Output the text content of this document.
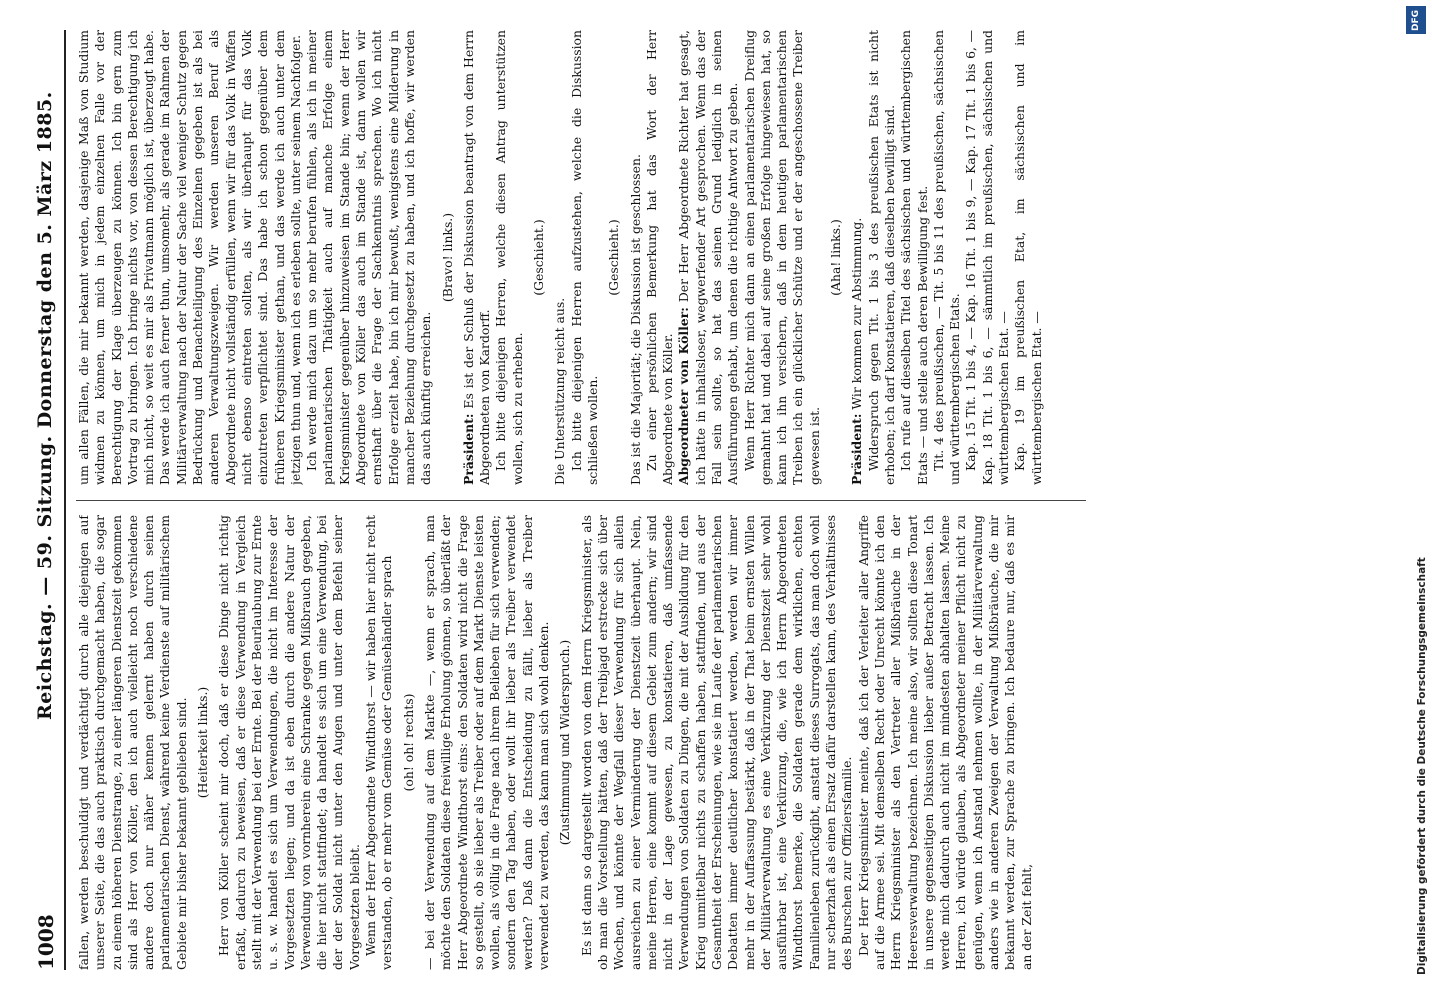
1008
Reichstag. — 59. Sitzung. Donnerstag den 5. März 1885.

fallen, werden beschuldigt und verdächtigt durch alle diejenigen auf unserer Seite, die das auch praktisch durchgemacht haben, die sogar zu einem höheren Dienstrange, zu einer längeren Dienstzeit gekommen sind als Herr von Köller, den ich auch vielleicht noch verschiedene andere doch nur näher kennen gelernt haben durch seinen parlamentarischen Dienst, während keine Verdienste auf militärischem Gebiete mir bisher bekannt geblieben sind. (Heiterkeit links.) Herr von Köller scheint mir doch, daß er diese Dinge nicht richtig erfaßt, dadurch zu beweisen, daß er diese Verwendung in Vergleich stellt mit der Verwendung bei der Ernte. Bei der Beurlaubung zur Ernte u. s. w. handelt es sich um Verwendungen, die nicht im Interesse der Vorgesetzten liegen; und da ist eben durch die andere Natur der Verwendung von vornherein eine Schranke gegen Mißbrauch gegeben, die hier nicht stattfindet; da handelt es sich um eine Verwendung, bei der der Soldat nicht unter den Augen und unter dem Befehl seiner Vorgesetzten bleibt. Wenn der Herr Abgeordnete Windthorst — wir haben hier nicht recht verstanden, ob er mehr vom Gemüse oder Gemüsehändler sprach (oh! oh! rechts) — bei der Verwendung auf dem Markte —, wenn er sprach, man möchte den Soldaten diese freiwillige Erholung gönnen, so überläßt der Herr Abgeordnete Windthorst eins: den Soldaten wird nicht die Frage so gestellt, ob sie lieber als Treiber oder auf dem Markt Dienste leisten wollen, als völlig in die Frage nach ihrem Belieben für sich verwenden; sondern den Tag haben, oder wollt ihr lieber als Treiber verwendet werden? Daß dann die Entscheidung zu fällt, lieber als Treiber verwendet zu werden, das kann man sich wohl denken. (Zustimmung und Widerspruch.) Es ist dann so dargestellt worden von dem Herrn Kriegsminister, als ob man die Vorstellung hätten, daß der Treibjagd erstrecke sich über Wochen, und könnte der Wegfall dieser Verwendung für sich allein ausreichen zu einer Verminderung der Dienstzeit überhaupt. Nein, meine Herren, eine kommt auf diesem Gebiet zum andern; wir sind nicht in der Lage gewesen, zu konstatieren, daß umfassende Verwendungen von Soldaten zu Dingen, die mit der Ausbildung für den Krieg unmittelbar nichts zu schaffen haben, stattfinden, und aus der Gesamtheit der Erscheinungen, wie sie im Laufe der parlamentarischen Debatten immer deutlicher konstatiert werden, werden wir immer mehr in der Auffassung bestärkt, daß in der That beim ernsten Willen der Militärverwaltung es eine Verkürzung der Dienstzeit sehr wohl ausführbar ist, eine Verkürzung, die, wie ich Herrn Abgeordneten Windthorst bemerke, die Soldaten gerade dem wirklichen, echten Familienleben zurückgibt, anstatt dieses Surrogats, das man doch wohl nur scherzhaft als einen Ersatz dafür darstellen kann, des Verhältnisses des Burschen zur Offiziersfamilie. Der Herr Kriegsminister meinte, daß ich der Verleiter aller Angriffe auf die Armee sei. Mit demselben Recht oder Unrecht könnte ich den Herrn Kriegsminister als den Vertreter aller Mißbräuche in der Heeresverwaltung bezeichnen. Ich meine also, wir sollten diese Tonart in unsere gegenseitigen Diskussion lieber außer Betracht lassen. Ich werde mich dadurch auch nicht im mindesten abhalten lassen. Meine Herren, ich würde glauben, als Abgeordneter meiner Pflicht nicht zu genügen, wenn ich Anstand nehmen wollte, in der Militärverwaltung anders wie in anderen Zweigen der Verwaltung Mißbräuche, die mir bekannt werden, zur Sprache zu bringen. Ich bedaure nur, daß es mir an der Zeit fehlt,

um allen Fällen, die mir bekannt werden, dasjenige Maß von Studium widmen zu können, um mich in jedem einzelnen Falle vor der Berechtigung der Klage überzeugen zu können. Ich bin gern zum Vortrag zu bringen. Ich bringe nichts vor, von dessen Berechtigung ich mich nicht, so weit es mir als Privatmann möglich ist, überzeugt habe. Das werde ich auch ferner thun, umsomehr, als gerade im Rahmen der Militärverwaltung nach der Natur der Sache viel weniger Schutz gegen Bedrückung und Benachteiligung des Einzelnen gegeben ist als bei anderen Verwaltungszweigen. Wir werden unseren Beruf als Abgeordnete nicht vollständig erfüllen, wenn wir für das Volk in Waffen nicht ebenso eintreten sollten, als wir überhaupt für das Volk einzutreten verpflichtet sind. Das habe ich schon gegenüber dem früheren Kriegsminister gethan, und das werde ich auch unter dem jetzigen thun und, wenn ich es erleben sollte, unter seinem Nachfolger. Ich werde mich dazu um so mehr berufen fühlen, als ich in meiner parlamentarischen Thätigkeit auch auf manche Erfolge einem Kriegsminister gegenüber hinzuweisen im Stande bin; wenn der Herr Abgeordnete von Köller das auch im Stande ist, dann wollen wir ernsthaft über die Frage der Sachkenntnis sprechen. Wo ich nicht Erfolge erzielt habe, bin ich mir bewußt, wenigstens eine Milderung in mancher Beziehung durchgesetzt zu haben, und ich hoffe, wir werden das auch künftig erreichen.

(Bravo! links.)

Präsident: Es ist der Schluß der Diskussion beantragt von dem Herrn Abgeordneten von Kardorff. Ich bitte diejenigen Herren, welche diesen Antrag unterstützen wollen, sich zu erheben.

(Geschieht.)

Die Unterstützung reicht aus. Ich bitte diejenigen Herren aufzustehen, welche die Diskussion schließen wollen.

(Geschieht.) Das ist die Majorität; die Diskussion ist geschlossen. Zu einer persönlichen Bemerkung hat das Wort der Herr Abgeordnete von Köller. Abgeordneter von Köller: Der Herr Abgeordnete Richter hat gesagt, ich hätte in inhaltsloser, wegwerfender Art gesprochen. Wenn das der Fall sein sollte, so hat das seinen Grund lediglich in seinen Ausführungen gehabt, um denen die richtige Antwort zu geben. Wenn Herr Richter mich dann an einen parlamentarischen Dreiflug gemahnt hat und dabei auf seine großen Erfolge hingewiesen hat, so kann ich ihn versichern, daß in dem heutigen parlamentarischen Treiben ich ein glücklicher Schütze und er der angeschossene Treiber gewesen ist.

(Aha! links.)

Präsident: Wir kommen zur Abstimmung. Widerspruch gegen Tit. 1 bis 3 des preußischen Etats ist nicht erhoben; ich darf konstatieren, daß dieselben bewilligt sind. Ich rufe auf dieselben Titel des sächsischen und württembergischen Etats — und stelle auch deren Bewilligung fest. Tit. 4 des preußischen, — Tit. 5 bis 11 des preußischen, sächsischen und württembergischen Etats. Kap. 15 Tit. 1 bis 4, — Kap. 16 Tit. 1 bis 9, — Kap. 17 Tit. 1 bis 6, — Kap. 18 Tit. 1 bis 6, — sämmtlich im preußischen, sächsischen und württembergischen Etat. — Kap. 19 im preußischen Etat, im sächsischen und im württembergischen Etat. —

DFG
Digitalisierung gefördert durch die Deutsche Forschungsgemeinschaft
